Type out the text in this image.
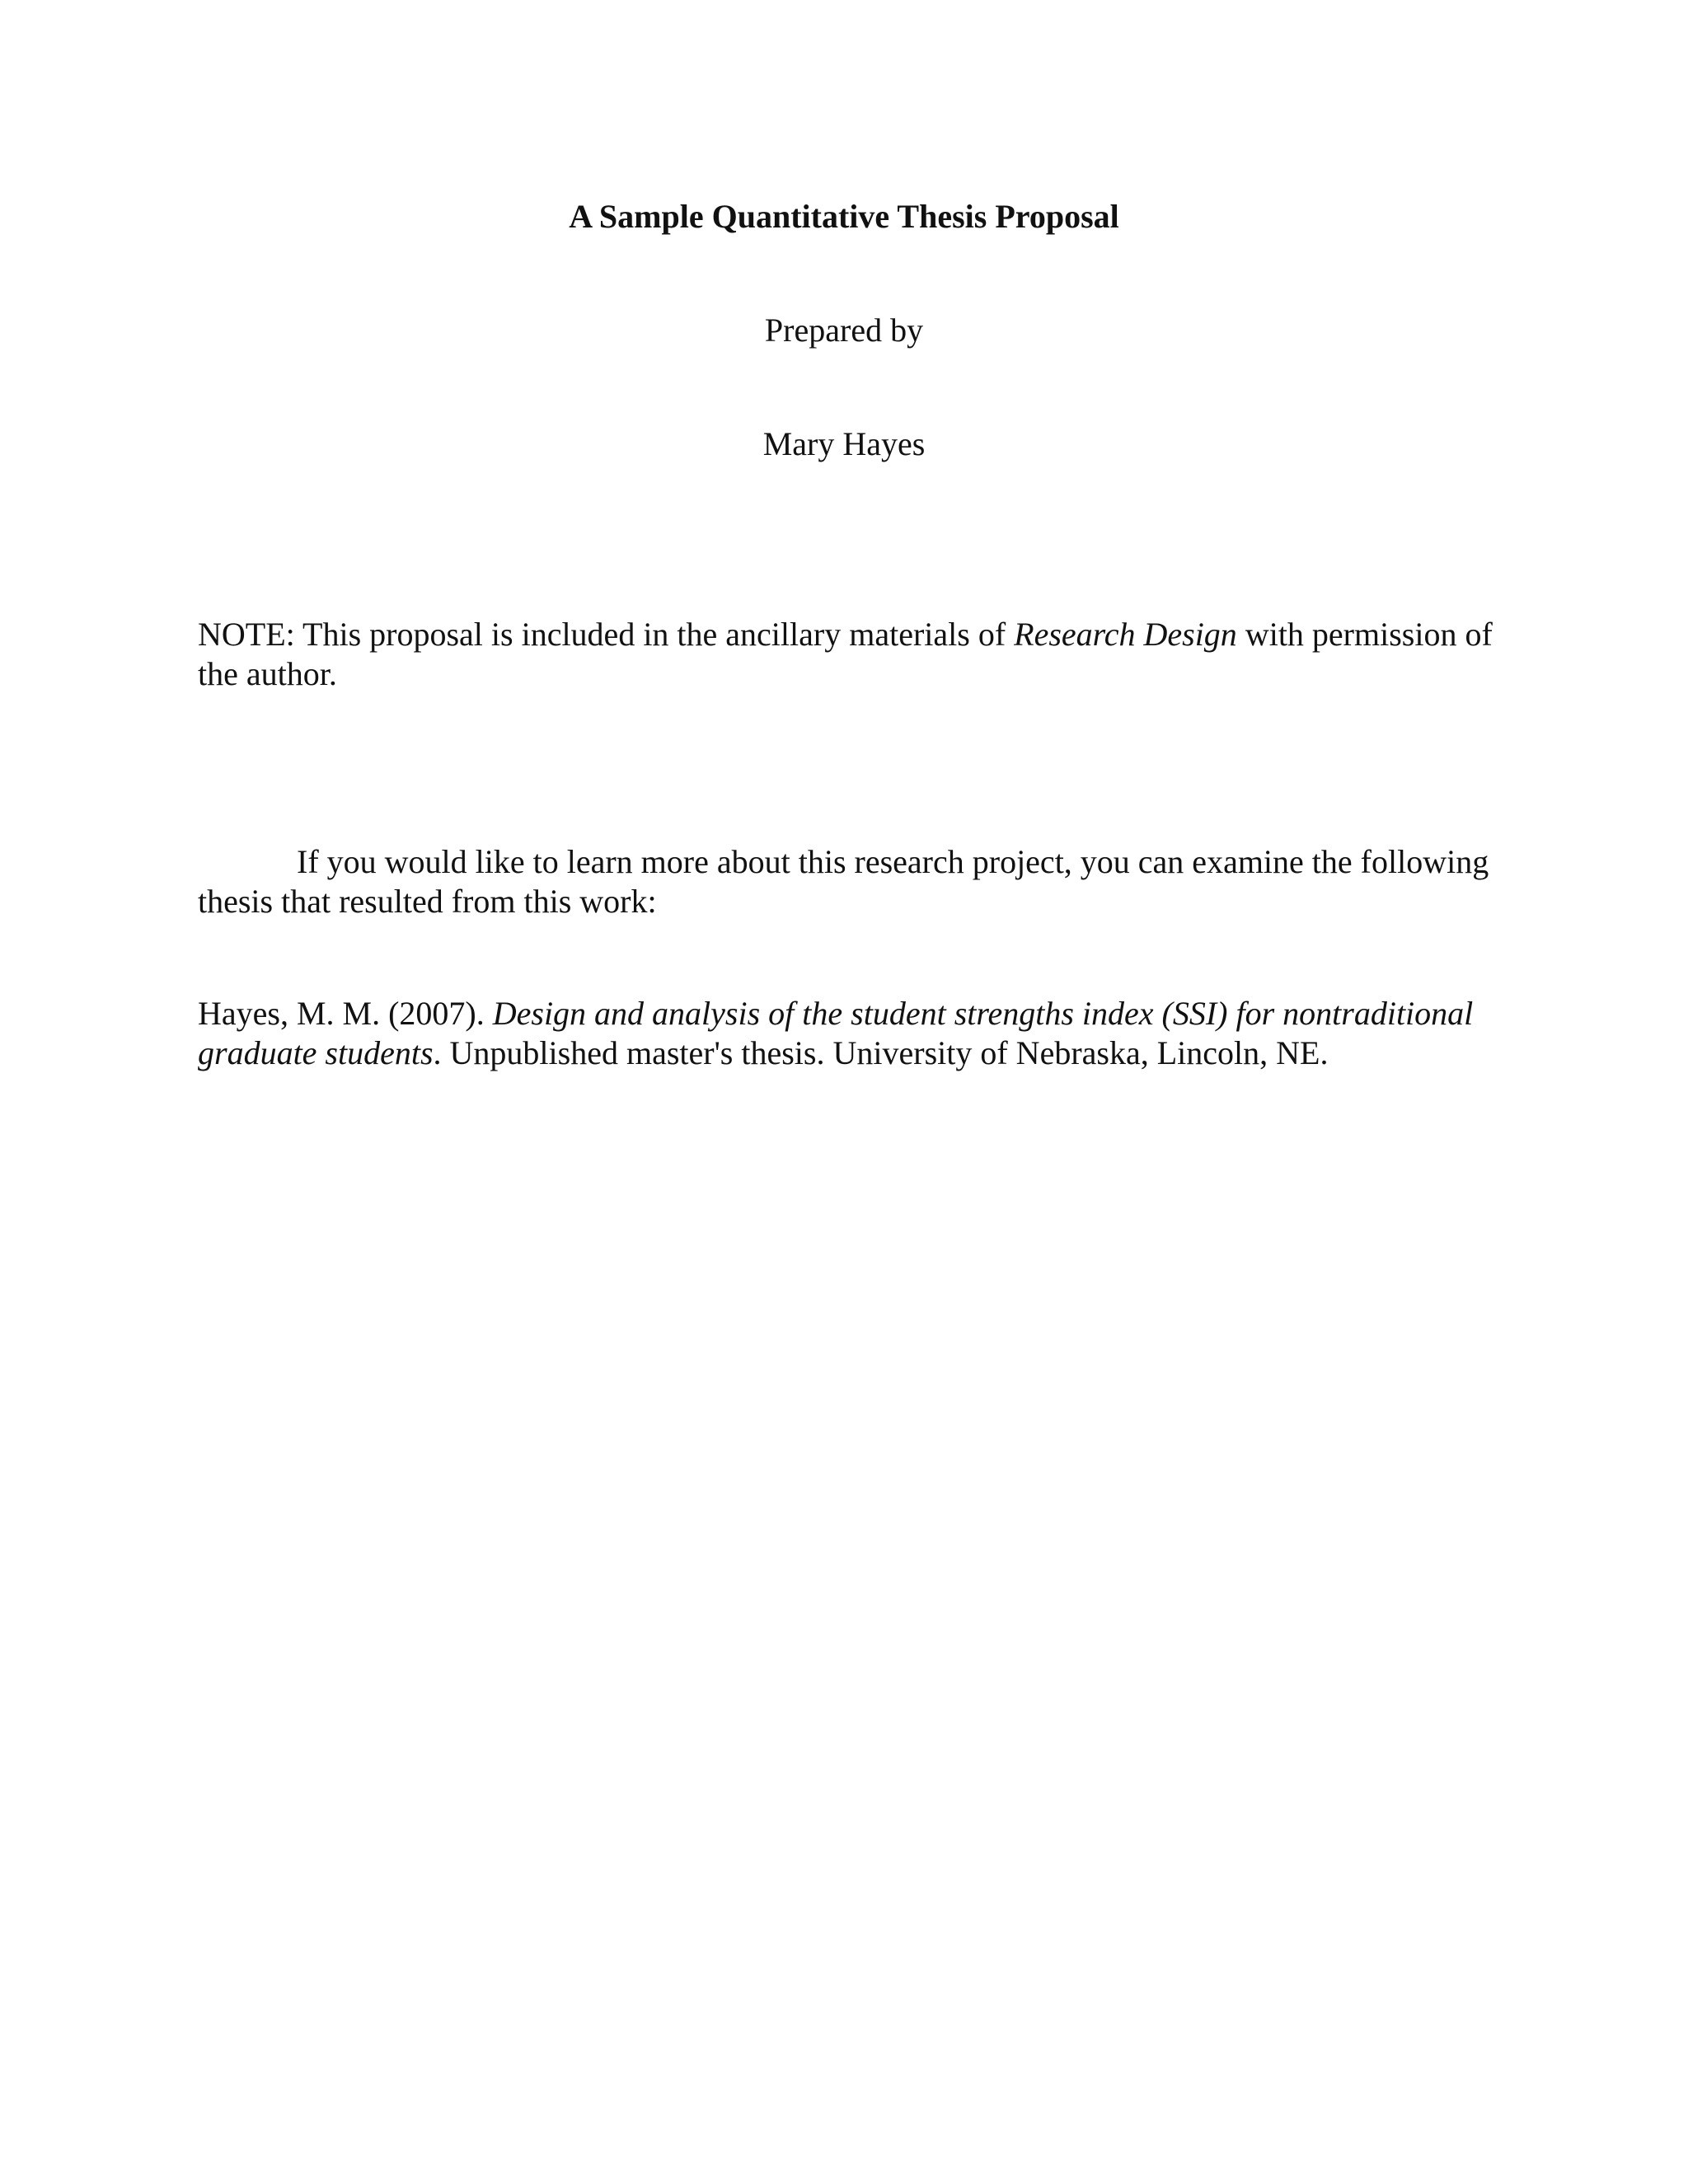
A Sample Quantitative Thesis Proposal

Prepared by

Mary Hayes

NOTE: This proposal is included in the ancillary materials of Research Design with permission of the author.

If you would like to learn more about this research project, you can examine the following thesis that resulted from this work:

Hayes, M. M. (2007). Design and analysis of the student strengths index (SSI) for nontraditional graduate students. Unpublished master's thesis. University of Nebraska, Lincoln, NE.
